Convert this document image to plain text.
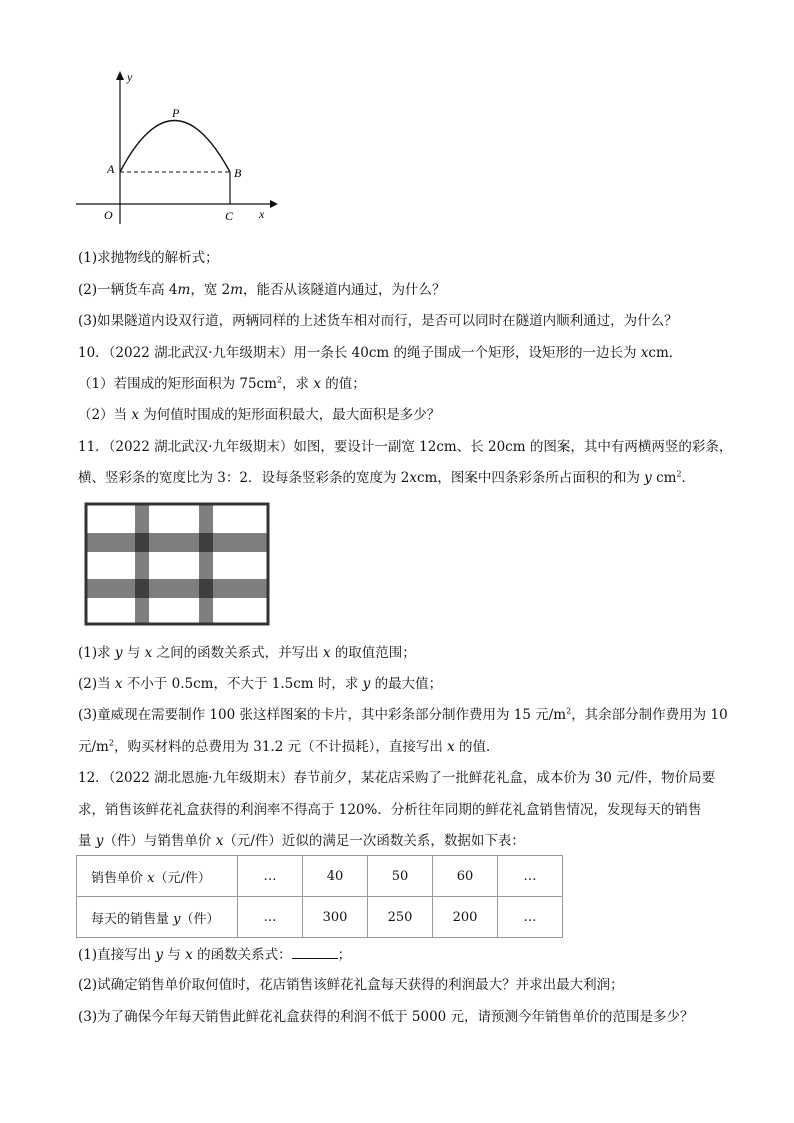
y
P
A	B
O	C x
(1)求抛物线的解析式；
(2)一辆货车高 4m，宽 2m，能否从该隧道内通过，为什么？
(3)如果隧道内设双行道，两辆同样的上述货车相对而行，是否可以同时在隧道内顺利通过，为什么？
10．（2022 湖北武汉·九年级期末）用一条长 40cm 的绳子围成一个矩形，设矩形的一边长为 xcm．
（1）若围成的矩形面积为 $75cm^2$，求 x 的值；
（2）当 x 为何值时围成的矩形面积最大，最大面积是多少？
11．（2022 湖北武汉·九年级期末）如图，要设计一副宽 12cm、长 20cm 的图案，其中有两横两竖的彩条，
横、竖彩条的宽度比为 3：2．设每条竖彩条的宽度为 2xcm，图案中四条彩条所占面积的和为 y $cm^2$．
(1)求 y 与 x 之间的函数关系式，并写出 x 的取值范围；
(2)当 x 不小于 0.5cm，不大于 1.5cm 时，求 y 的最大值；
(3)童威现在需要制作 100 张这样图案的卡片，其中彩条部分制作费用为 15 元$/m^2$，其余部分制作费用为 10
元$/m^2$，购买材料的总费用为 31.2 元（不计损耗），直接写出 x 的值．
12．（2022 湖北恩施·九年级期末）春节前夕，某花店采购了一批鲜花礼盒，成本价为 30 元/件，物价局要
求，销售该鲜花礼盒获得的利润率不得高于 120%．分析往年同期的鲜花礼盒销售情况，发现每天的销售
量 y（件）与销售单价 x（元/件）近似的满足一次函数关系，数据如下表：
销售单价 x（元/件）	…	40	50	60	…
每天的销售量 y（件）	…	300	250	200	…
(1)直接写出 y 与 x 的函数关系式：	；
(2)试确定销售单价取何值时，花店销售该鲜花礼盒每天获得的利润最大？并求出最大利润；
(3)为了确保今年每天销售此鲜花礼盒获得的利润不低于 5000 元，请预测今年销售单价的范围是多少？
